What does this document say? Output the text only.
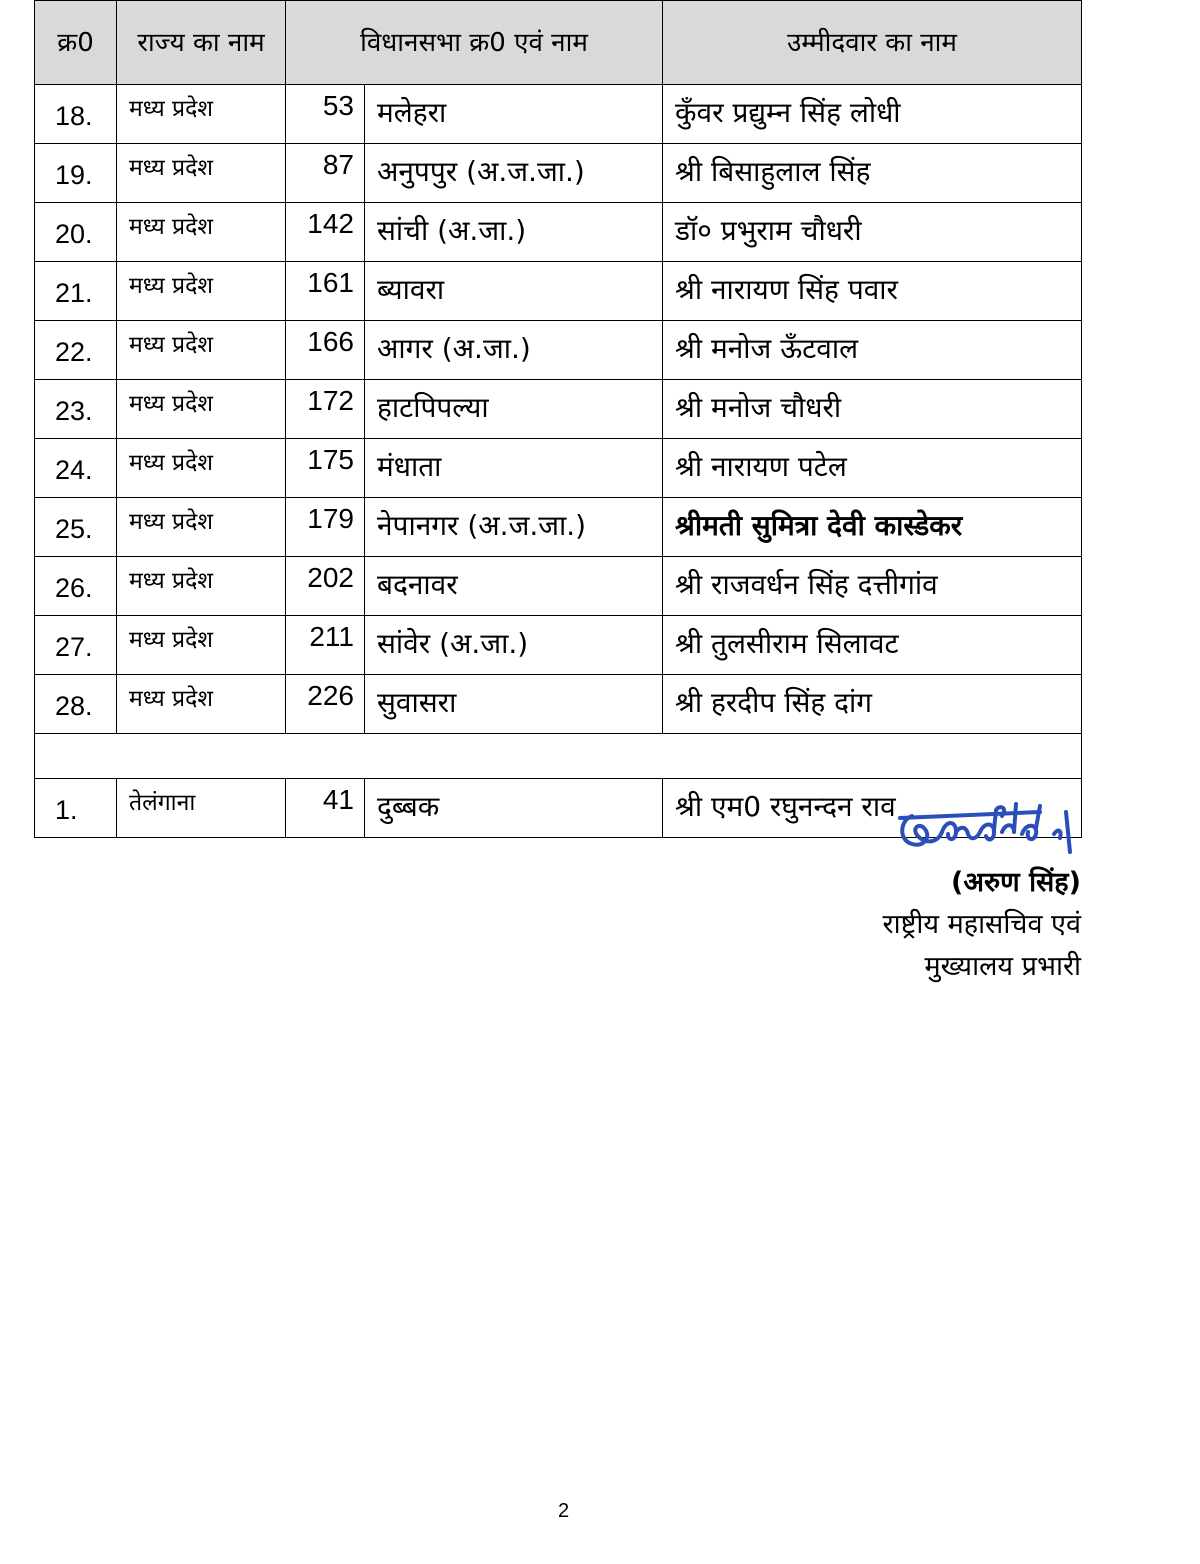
क्र0	राज्य का नाम	विधानसभा क्र0 एवं नाम		उम्मीदवार का नाम
18.	मध्य प्रदेश	53	मलेहरा	कुँवर प्रद्युम्न सिंह लोधी
19.	मध्य प्रदेश	87	अनुपपुर (अ.ज.जा.)	श्री बिसाहुलाल सिंह
20.	मध्य प्रदेश	142	सांची (अ.जा.)	डॉ० प्रभुराम चौधरी
21.	मध्य प्रदेश	161	ब्यावरा	श्री नारायण सिंह पवार
22.	मध्य प्रदेश	166	आगर (अ.जा.)	श्री मनोज ऊँटवाल
23.	मध्य प्रदेश	172	हाटपिपल्या	श्री मनोज चौधरी
24.	मध्य प्रदेश	175	मंधाता	श्री नारायण पटेल
25.	मध्य प्रदेश	179	नेपानगर (अ.ज.जा.)	श्रीमती सुमित्रा देवी कास्डेकर
26.	मध्य प्रदेश	202	बदनावर	श्री राजवर्धन सिंह दत्तीगांव
27.	मध्य प्रदेश	211	सांवेर (अ.जा.)	श्री तुलसीराम सिलावट
28.	मध्य प्रदेश	226	सुवासरा	श्री हरदीप सिंह दांग

1.	तेलंगाना	41	दुब्बक	श्री एम0 रघुनन्दन राव
(अरुण सिंह)
राष्ट्रीय महासचिव एवं
मुख्यालय प्रभारी
2
